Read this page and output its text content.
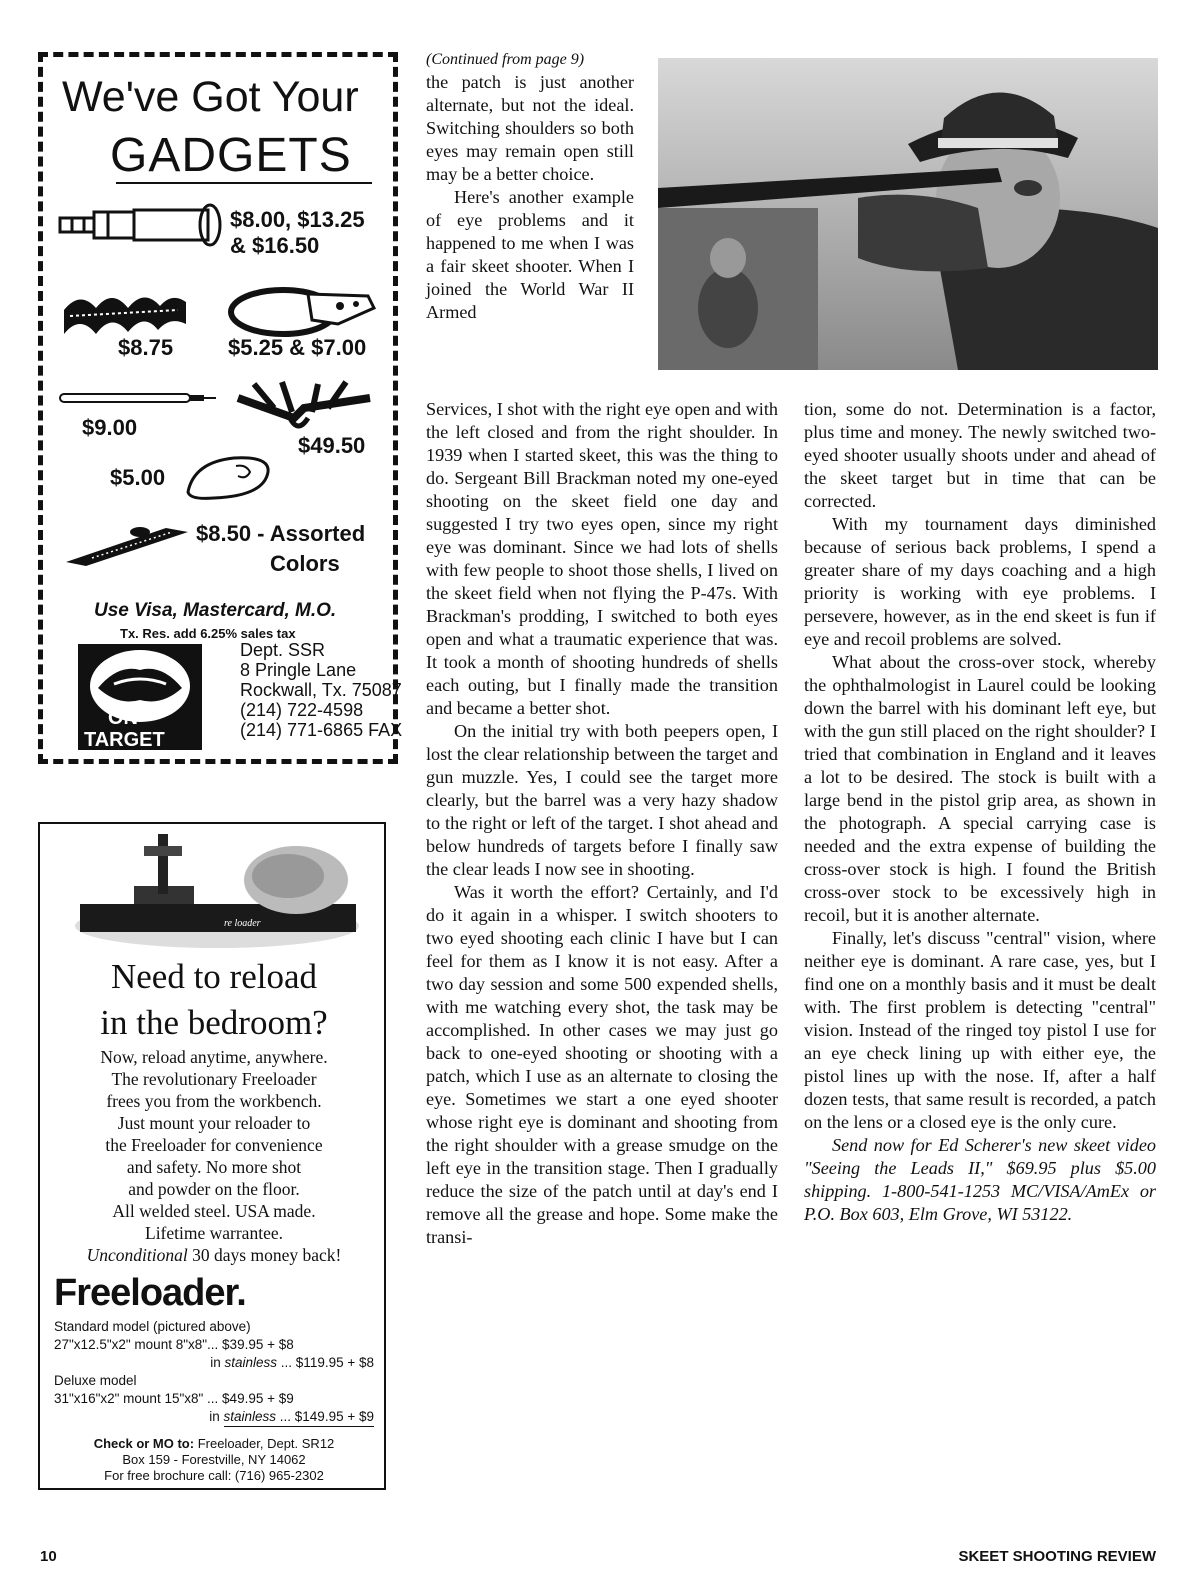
We've Got Your
GADGETS
$8.00, $13.25
& $16.50
$8.75 $5.25 & $7.00
$9.00
$49.50
$5.00
$8.50 - Assorted
Colors
Use Visa, Mastercard, M.O.
Tx. Res. add 6.25% sales tax
ON
TARGET
Dept. SSR
8 Pringle Lane
Rockwall, Tx. 75087
(214) 722-4598
(214) 771-6865 FAX
re loader
Need to reload
in the bedroom?
Now, reload anytime, anywhere.
The revolutionary Freeloader
frees you from the workbench.
Just mount your reloader to
the Freeloader for convenience
and safety. No more shot
and powder on the floor.
All welded steel. USA made.
Lifetime warrantee.
Unconditional 30 days money back!
Freeloader.
Standard model (pictured above)
27"x12.5"x2" mount 8"x8"... $39.95 + $8
in stainless ... $119.95 + $8
Deluxe model
31"x16"x2" mount 15"x8" ... $49.95 + $9
in stainless ... $149.95 + $9
Check or MO to: Freeloader, Dept. SR12
Box 159 - Forestville, NY 14062
For free brochure call: (716) 965-2302

(Continued from page 9)

the patch is just another alternate, but not the ideal. Switching shoulders so both eyes may remain open still may be a better choice.

Here's another example of eye problems and it happened to me when I was a fair skeet shooter. When I joined the World War II Armed

Services, I shot with the right eye open and with the left closed and from the right shoulder. In 1939 when I started skeet, this was the thing to do. Sergeant Bill Brackman noted my one-eyed shooting on the skeet field one day and suggested I try two eyes open, since my right eye was dominant. Since we had lots of shells with few people to shoot those shells, I lived on the skeet field when not flying the P-47s. With Brackman's prodding, I switched to both eyes open and what a traumatic experience that was. It took a month of shooting hundreds of shells each outing, but I finally made the transition and became a better shot.

On the initial try with both peepers open, I lost the clear relationship between the target and gun muzzle. Yes, I could see the target more clearly, but the barrel was a very hazy shadow to the right or left of the target. I shot ahead and below hundreds of targets before I finally saw the clear leads I now see in shooting.

Was it worth the effort? Certainly, and I'd do it again in a whisper. I switch shooters to two eyed shooting each clinic I have but I can feel for them as I know it is not easy. After a two day session and some 500 expended shells, with me watching every shot, the task may be accomplished. In other cases we may just go back to one-eyed shooting or shooting with a patch, which I use as an alternate to closing the eye. Sometimes we start a one eyed shooter whose right eye is dominant and shooting from the right shoulder with a grease smudge on the left eye in the transition stage. Then I gradually reduce the size of the patch until at day's end I remove all the grease and hope. Some make the transi-

tion, some do not. Determination is a factor, plus time and money. The newly switched two-eyed shooter usually shoots under and ahead of the skeet target but in time that can be corrected.

With my tournament days diminished because of serious back problems, I spend a greater share of my days coaching and a high priority is working with eye problems. I persevere, however, as in the end skeet is fun if eye and recoil problems are solved.

What about the cross-over stock, whereby the ophthalmologist in Laurel could be looking down the barrel with his dominant left eye, but with the gun still placed on the right shoulder? I tried that combination in England and it leaves a lot to be desired. The stock is built with a large bend in the pistol grip area, as shown in the photograph. A special carrying case is needed and the extra expense of building the cross-over stock is high. I found the British cross-over stock to be excessively high in recoil, but it is another alternate.

Finally, let's discuss "central" vision, where neither eye is dominant. A rare case, yes, but I find one on a monthly basis and it must be dealt with. The first problem is detecting "central" vision. Instead of the ringed toy pistol I use for an eye check lining up with either eye, the pistol lines up with the nose. If, after a half dozen tests, that same result is recorded, a patch on the lens or a closed eye is the only cure.

Send now for Ed Scherer's new skeet video "Seeing the Leads II," $69.95 plus $5.00 shipping. 1-800-541-1253 MC/VISA/AmEx or P.O. Box 603, Elm Grove, WI 53122.

10	SKEET SHOOTING REVIEW
